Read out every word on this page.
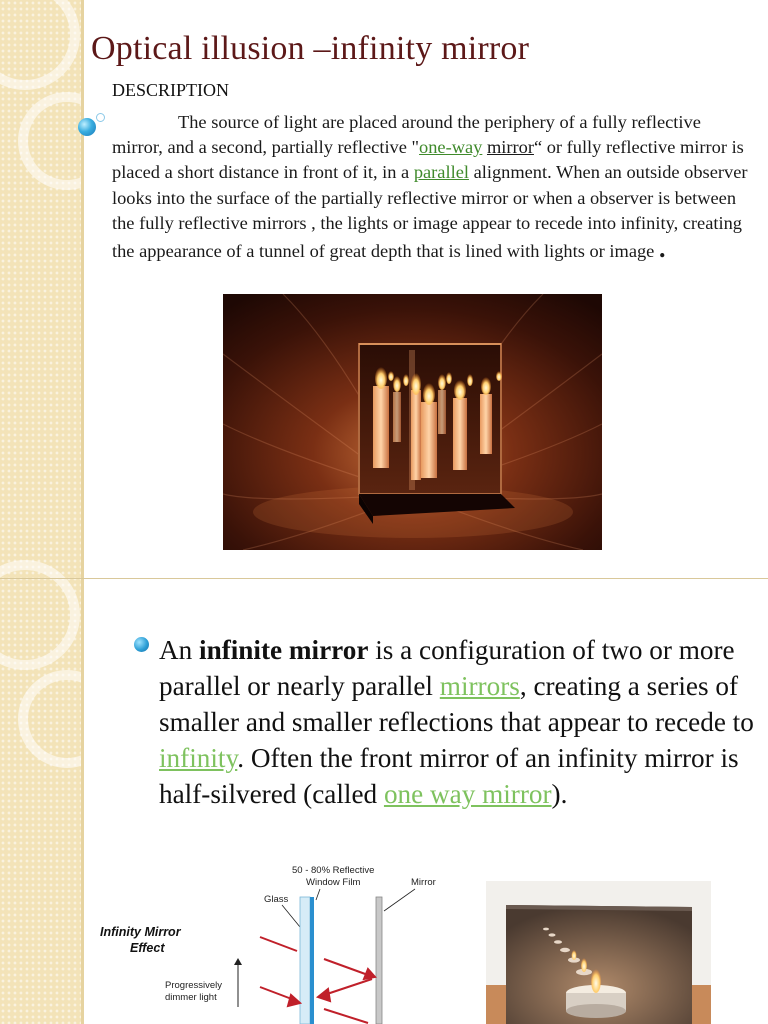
Optical illusion –infinity mirror
DESCRIPTION
The source of light are placed around the periphery of a fully reflective mirror, and a second, partially reflective "one-way mirror“ or fully reflective mirror is placed a short distance in front of it, in a parallel alignment. When an outside observer looks into the surface of the partially reflective mirror or when a observer is between the fully reflective mirrors , the lights or image appear to recede into infinity, creating the appearance of a tunnel of great depth that is lined with lights or image .
An infinite mirror is a configuration of two or more parallel or nearly parallel mirrors, creating a series of smaller and smaller reflections that appear to recede to infinity. Often the front mirror of an infinity mirror is half-silvered (called one way mirror).
Infinity Mirror
Effect
50 - 80% Reflective
Window Film
Glass
Mirror
Progressively
dimmer light
